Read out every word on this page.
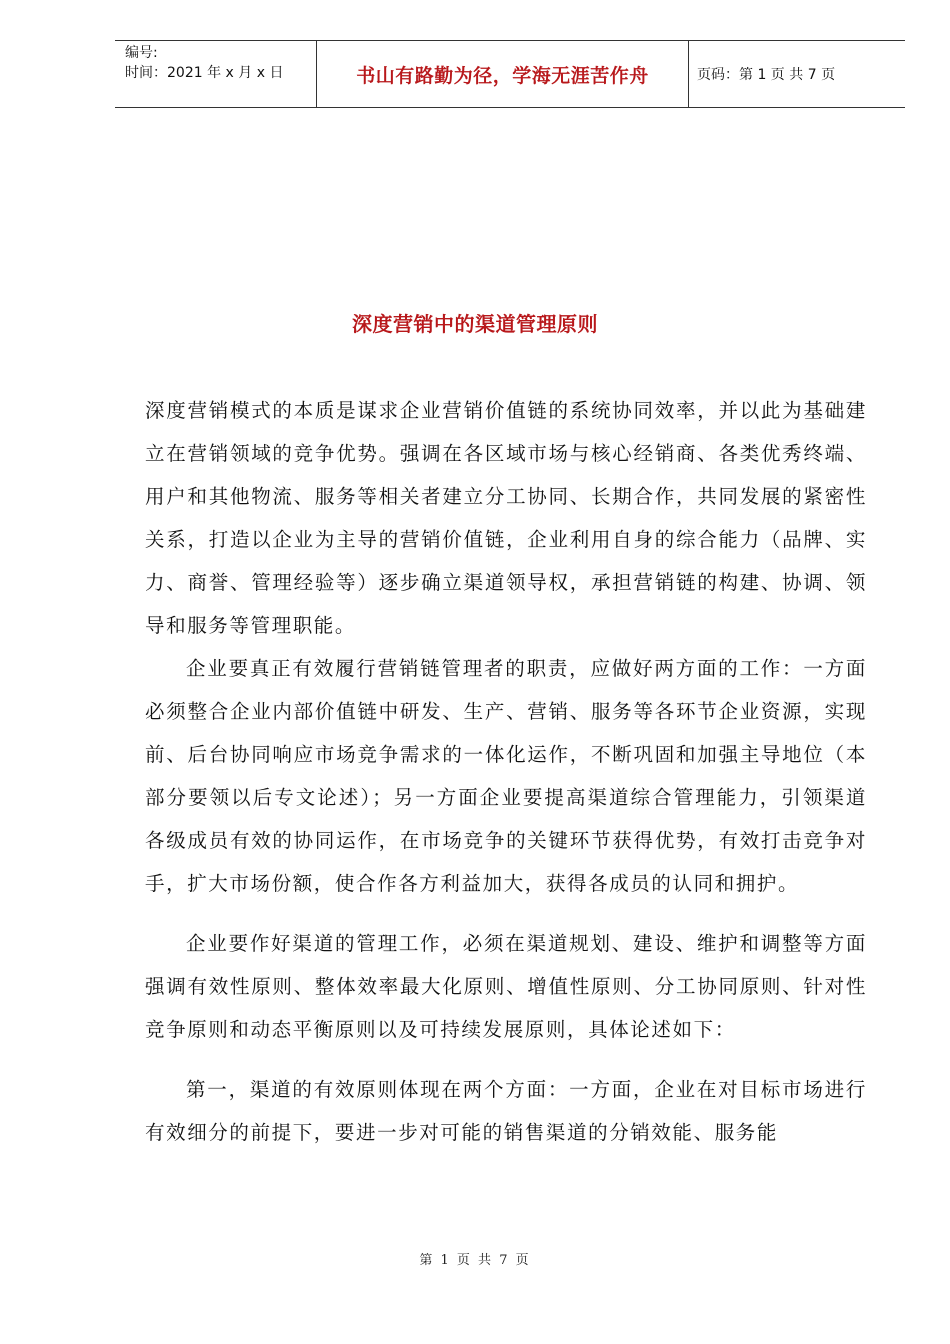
编号:
时间：2021 年 x 月 x 日	书山有路勤为径，学海无涯苦作舟	页码：第 1 页 共 7 页
深度营销中的渠道管理原则

深度营销模式的本质是谋求企业营销价值链的系统协同效率，并以此为基础建立在营销领域的竞争优势。强调在各区域市场与核心经销商、各类优秀终端、用户和其他物流、服务等相关者建立分工协同、长期合作，共同发展的紧密性关系，打造以企业为主导的营销价值链，企业利用自身的综合能力（品牌、实力、商誉、管理经验等）逐步确立渠道领导权，承担营销链的构建、协调、领导和服务等管理职能。

企业要真正有效履行营销链管理者的职责，应做好两方面的工作：一方面必须整合企业内部价值链中研发、生产、营销、服务等各环节企业资源，实现前、后台协同响应市场竞争需求的一体化运作，不断巩固和加强主导地位（本部分要领以后专文论述）；另一方面企业要提高渠道综合管理能力，引领渠道各级成员有效的协同运作，在市场竞争的关键环节获得优势，有效打击竞争对手，扩大市场份额，使合作各方利益加大，获得各成员的认同和拥护。

企业要作好渠道的管理工作，必须在渠道规划、建设、维护和调整等方面强调有效性原则、整体效率最大化原则、增值性原则、分工协同原则、针对性竞争原则和动态平衡原则以及可持续发展原则，具体论述如下：

第一，渠道的有效原则体现在两个方面：一方面，企业在对目标市场进行有效细分的前提下，要进一步对可能的销售渠道的分销效能、服务能

第 1 页 共 7 页
